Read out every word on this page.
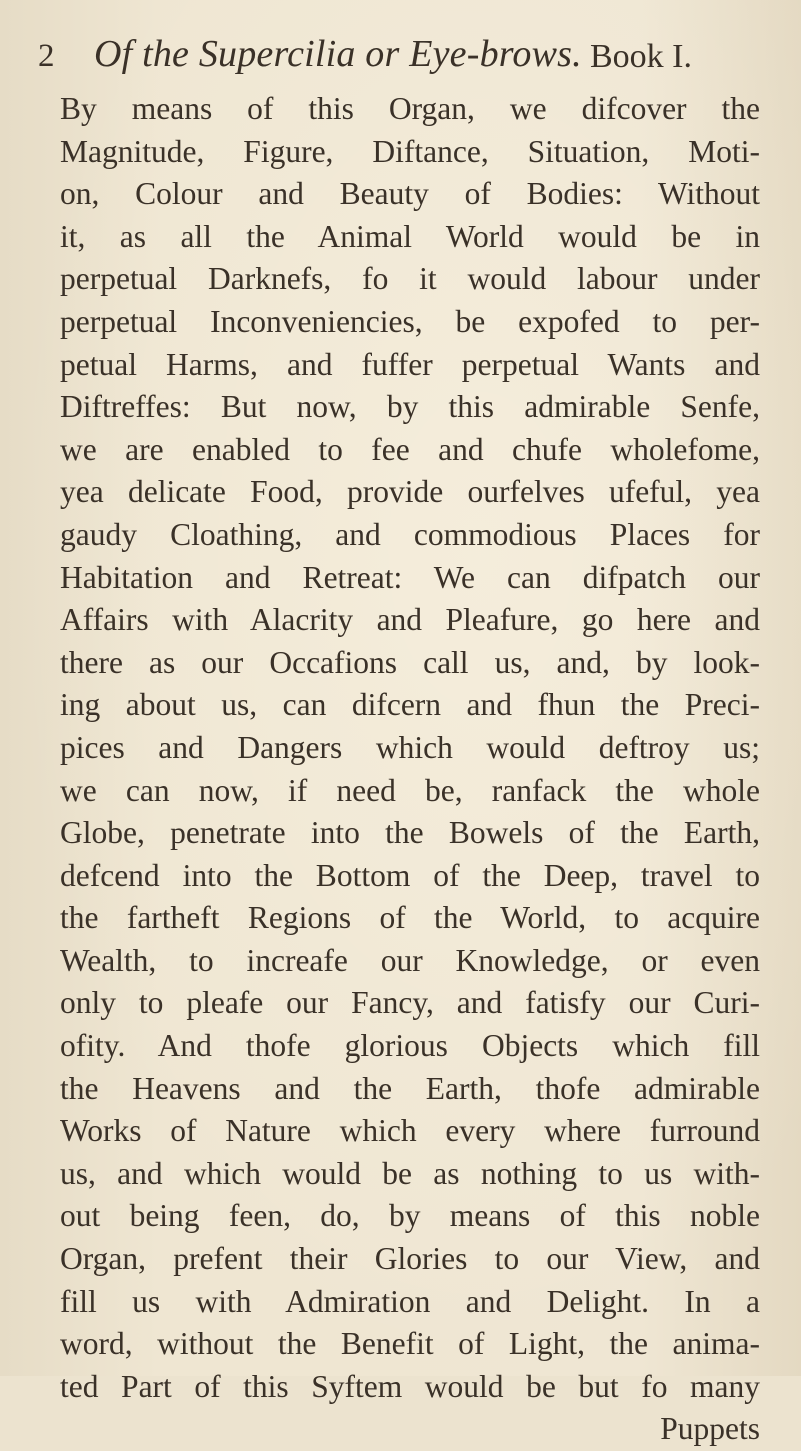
2 Of the Supercilia or Eye-brows. Book I.
By means of this Organ, we difcover the
Magnitude, Figure, Diftance, Situation, Moti-
on, Colour and Beauty of Bodies: Without
it, as all the Animal World would be in
perpetual Darknefs, fo it would labour under
perpetual Inconveniencies, be expofed to per-
petual Harms, and fuffer perpetual Wants and
Diftreffes: But now, by this admirable Senfe,
we are enabled to fee and chufe wholefome,
yea delicate Food, provide ourfelves ufeful, yea
gaudy Cloathing, and commodious Places for
Habitation and Retreat: We can difpatch our
Affairs with Alacrity and Pleafure, go here and
there as our Occafions call us, and, by look-
ing about us, can difcern and fhun the Preci-
pices and Dangers which would deftroy us;
we can now, if need be, ranfack the whole
Globe, penetrate into the Bowels of the Earth,
defcend into the Bottom of the Deep, travel to
the fartheft Regions of the World, to acquire
Wealth, to increafe our Knowledge, or even
only to pleafe our Fancy, and fatisfy our Curi-
ofity. And thofe glorious Objects which fill
the Heavens and the Earth, thofe admirable
Works of Nature which every where furround
us, and which would be as nothing to us with-
out being feen, do, by means of this noble
Organ, prefent their Glories to our View, and
fill us with Admiration and Delight. In a
word, without the Benefit of Light, the anima-
ted Part of this Syftem would be but fo many
Puppets
